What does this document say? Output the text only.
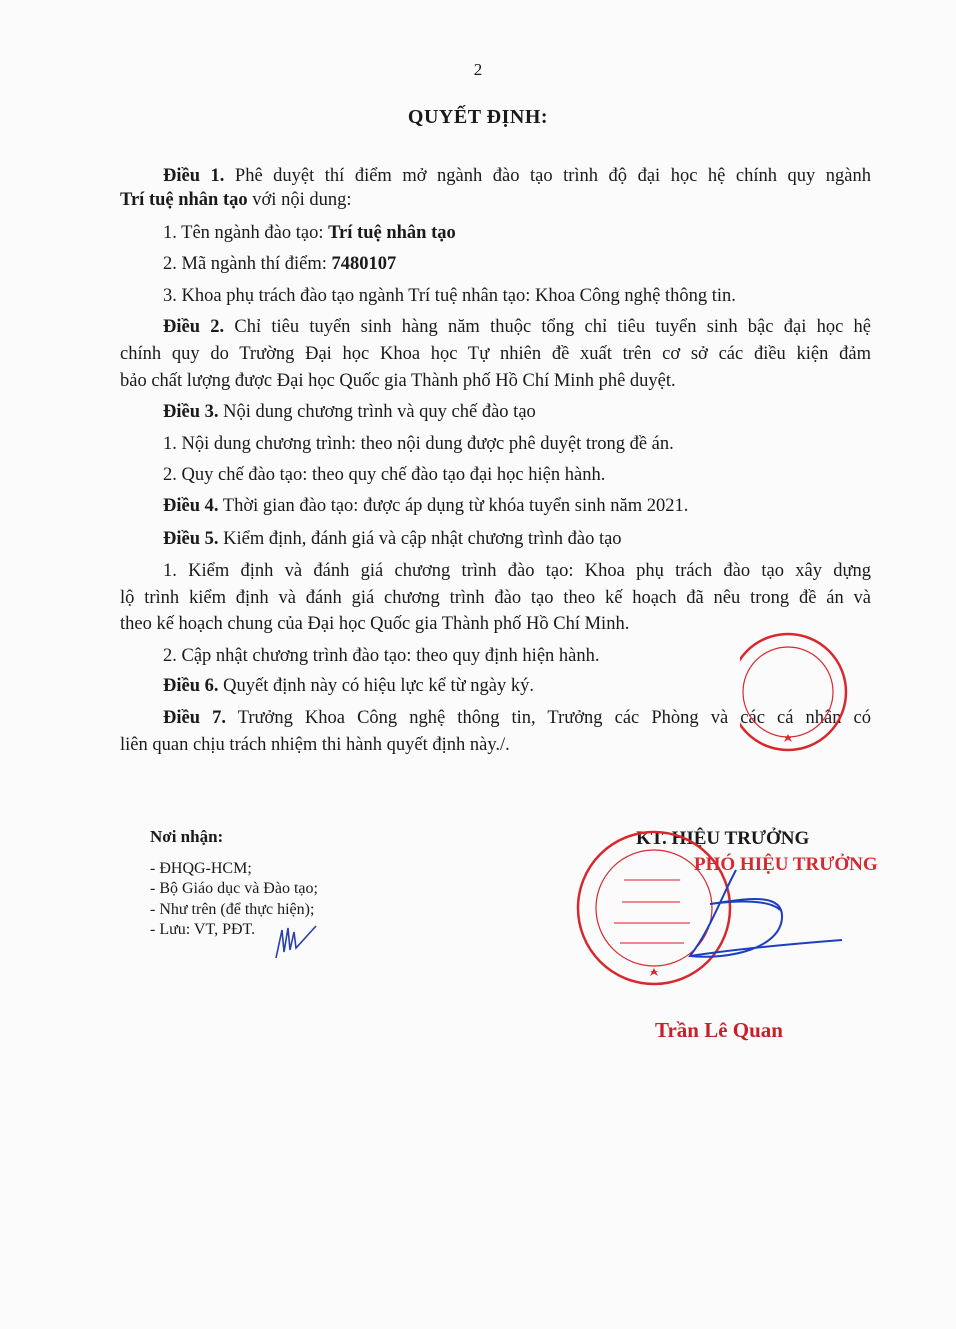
2
QUYẾT ĐỊNH:
Điều 1. Phê duyệt thí điểm mở ngành đào tạo trình độ đại học hệ chính quy ngành
Trí tuệ nhân tạo với nội dung:
1. Tên ngành đào tạo: Trí tuệ nhân tạo
2. Mã ngành thí điểm: 7480107
3. Khoa phụ trách đào tạo ngành Trí tuệ nhân tạo: Khoa Công nghệ thông tin.
Điều 2. Chỉ tiêu tuyển sinh hàng năm thuộc tổng chỉ tiêu tuyển sinh bậc đại học hệ
chính quy do Trường Đại học Khoa học Tự nhiên đề xuất trên cơ sở các điều kiện đảm
bảo chất lượng được Đại học Quốc gia Thành phố Hồ Chí Minh phê duyệt.
Điều 3. Nội dung chương trình và quy chế đào tạo
1. Nội dung chương trình: theo nội dung được phê duyệt trong đề án.
2. Quy chế đào tạo: theo quy chế đào tạo đại học hiện hành.
Điều 4. Thời gian đào tạo: được áp dụng từ khóa tuyển sinh năm 2021.
Điều 5. Kiểm định, đánh giá và cập nhật chương trình đào tạo
1. Kiểm định và đánh giá chương trình đào tạo: Khoa phụ trách đào tạo xây dựng
lộ trình kiểm định và đánh giá chương trình đào tạo theo kế hoạch đã nêu trong đề án và
theo kế hoạch chung của Đại học Quốc gia Thành phố Hồ Chí Minh.
2. Cập nhật chương trình đào tạo: theo quy định hiện hành.
Điều 6. Quyết định này có hiệu lực kể từ ngày ký.
Điều 7. Trưởng Khoa Công nghệ thông tin, Trưởng các Phòng và các cá nhân có
liên quan chịu trách nhiệm thi hành quyết định này./.
Nơi nhận:
- ĐHQG-HCM;
- Bộ Giáo dục và Đào tạo;
- Như trên (để thực hiện);
- Lưu: VT, PĐT.
KT. HIỆU TRƯỞNG
PHÓ HIỆU TRƯỞNG
Trần Lê Quan
